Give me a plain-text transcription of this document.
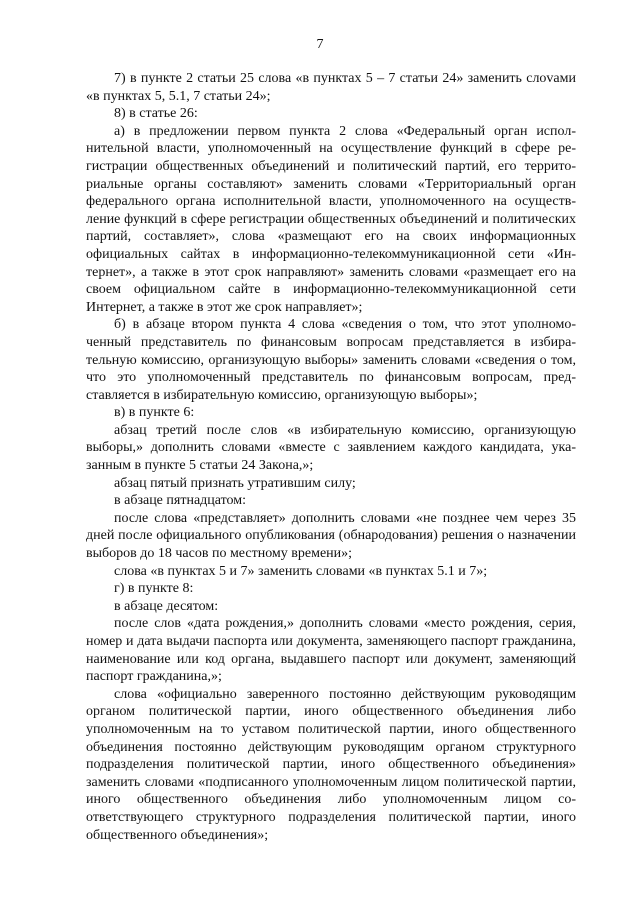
7

7) в пункте 2 статьи 25 слова «в пунктах 5 – 7 статьи 24» заменить слоvами «в пунктах 5, 5.1, 7 статьи 24»;

8) в статье 26:

а) в предложении первом пункта 2 слова «Федеральный орган исполнительной власти, уполномоченный на осуществление функций в сфере регистрации общественных объединений и политический партий, его территориальные органы составляют» заменить словами «Территориальный орган федерального органа исполнительной власти, уполномоченного на осуществление функций в сфере регистрации общественных объединений и политических партий, составляет», слова «размещают его на своих информационных официальных сайтах в информационно-телекоммуникационной сети «Интернет», а также в этот срок направляют» заменить словами «размещает его на своем официальном сайте в информационно-телекоммуникационной сети Интернет, а также в этот же срок направляет»;

б) в абзаце втором пункта 4 слова «сведения о том, что этот уполномоченный представитель по финансовым вопросам представляется в избирательную комиссию, организующую выборы» заменить словами «сведения о том, что это уполномоченный представитель по финансовым вопросам, представляется в избирательную комиссию, организующую выборы»;

в) в пункте 6:

абзац третий после слов «в избирательную комиссию, организующую выборы,» дополнить словами «вместе с заявлением каждого кандидата, указанным в пункте 5 статьи 24 Закона,»;

абзац пятый признать утратившим силу;

в абзаце пятнадцатом:

после слова «представляет» дополнить словами «не позднее чем через 35 дней после официального опубликования (обнародования) решения о назначении выборов до 18 часов по местному времени»;

слова «в пунктах 5 и 7» заменить словами «в пунктах 5.1 и 7»;

г) в пункте 8:

в абзаце десятом:

после слов «дата рождения,» дополнить словами «место рождения, серия, номер и дата выдачи паспорта или документа, заменяющего паспорт гражданина, наименование или код органа, выдавшего паспорт или документ, заменяющий паспорт гражданина,»;

слова «официально заверенного постоянно действующим руководящим органом политической партии, иного общественного объединения либо уполномоченным на то уставом политической партии, иного общественного объединения постоянно действующим руководящим органом структурного подразделения политической партии, иного общественного объединения» заменить словами «подписанного уполномоченным лицом политической партии, иного общественного объединения либо уполномоченным лицом соответствующего структурного подразделения политической партии, иного общественного объединения»;
